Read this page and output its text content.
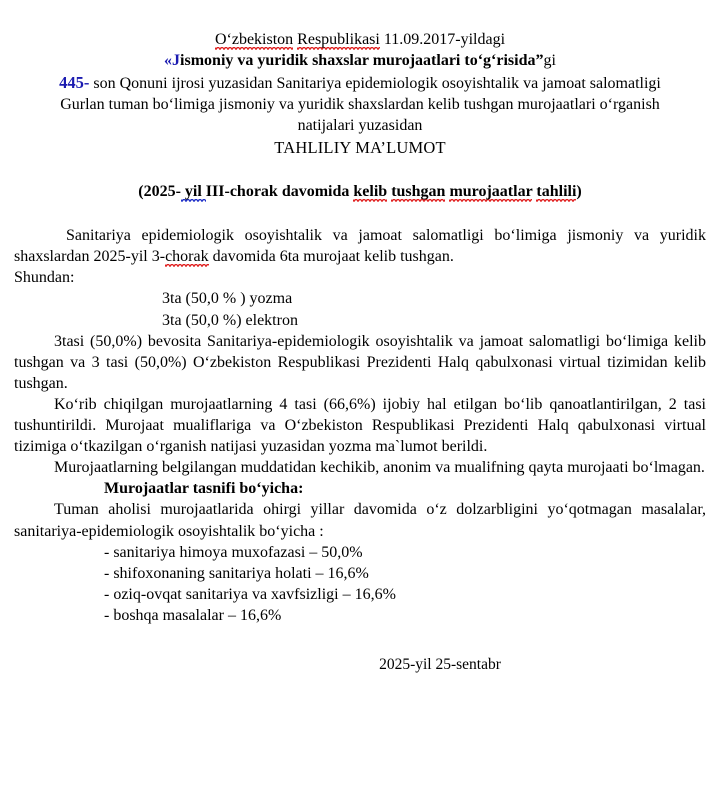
O‘zbekiston Respublikasi 11.09.2017-yildagi
«Jismoniy va yuridik shaxslar murojaatlari to‘g‘risida”gi

445- son Qonuni ijrosi yuzasidan Sanitariya epidemiologik osoyishtalik va jamoat salomatligi Gurlan tuman bo‘limiga jismoniy va yuridik shaxslardan kelib tushgan murojaatlari o‘rganish natijalari yuzasidan

TAHLILIY MA’LUMOT
(2025- yil III-chorak davomida kelib tushgan murojaatlar tahlili)

Sanitariya epidemiologik osoyishtalik va jamoat salomatligi bo‘limiga jismoniy va yuridik shaxslardan 2025-yil 3-chorak davomida 6ta murojaat kelib tushgan.

Shundan:

3ta (50,0 % ) yozma

3ta (50,0 %) elektron

3tasi (50,0%) bevosita Sanitariya-epidemiologik osoyishtalik va jamoat salomatligi bo‘limiga kelib tushgan va 3 tasi (50,0%) O‘zbekiston Respublikasi Prezidenti Halq qabulxonasi virtual tizimidan kelib tushgan.

Ko‘rib chiqilgan murojaatlarning 4 tasi (66,6%) ijobiy hal etilgan bo‘lib qanoatlantirilgan, 2 tasi tushuntirildi. Murojaat mualiflariga va O‘zbekiston Respublikasi Prezidenti Halq qabulxonasi virtual tizimiga o‘tkazilgan o‘rganish natijasi yuzasidan yozma ma`lumot berildi.

Murojaatlarning belgilangan muddatidan kechikib, anonim va mualifning qayta murojaati bo‘lmagan.

Murojaatlar tasnifi bo‘yicha:

Tuman aholisi murojaatlarida ohirgi yillar davomida o‘z dolzarbligini yo‘qotmagan masalalar, sanitariya-epidemiologik osoyishtalik bo‘yicha :

- sanitariya himoya muxofazasi – 50,0%

- shifoxonaning sanitariya holati – 16,6%

- oziq-ovqat sanitariya va xavfsizligi – 16,6%

- boshqa masalalar – 16,6%

2025-yil 25-sentabr
